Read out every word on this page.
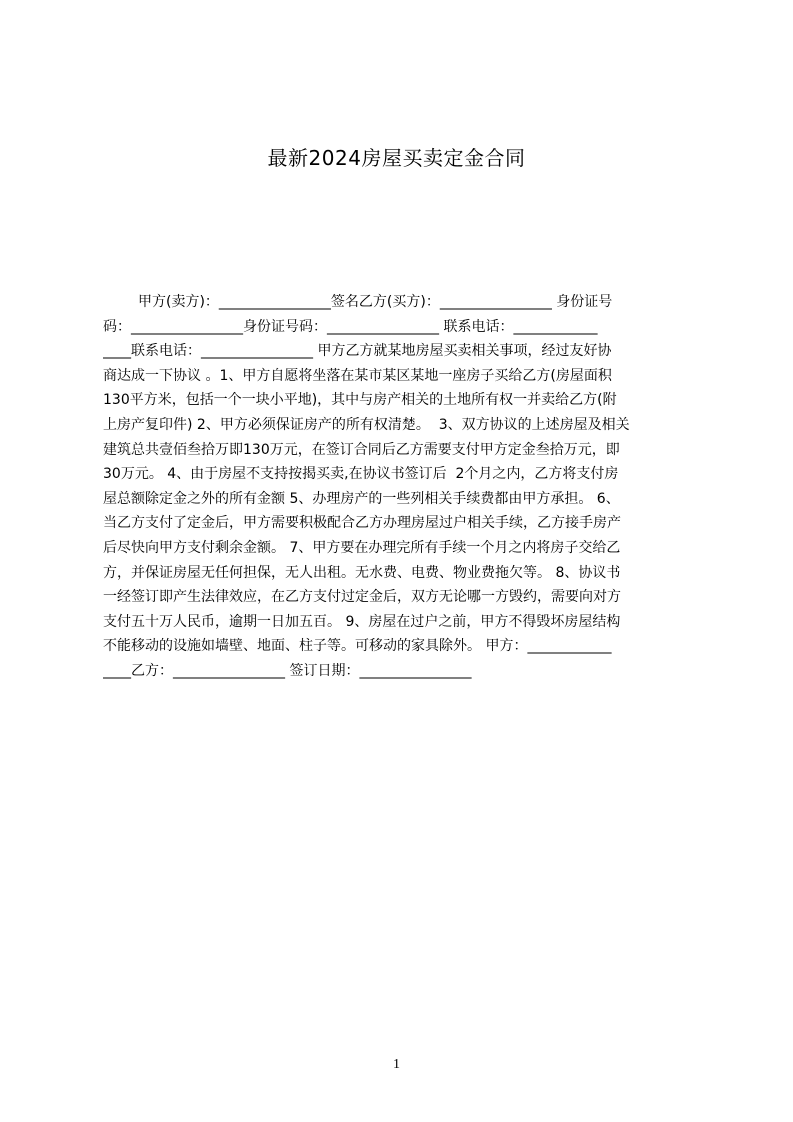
最新2024房屋买卖定金合同
甲方(卖方)：________________签名乙方(买方)：________________ 身份证号
码：________________身份证号码：________________ 联系电话：____________
____联系电话：________________ 甲方乙方就某地房屋买卖相关事项，经过友好协
商达成一下协议 。1、甲方自愿将坐落在某市某区某地一座房子买给乙方(房屋面积
130平方米，包括一个一块小平地)，其中与房产相关的土地所有权一并卖给乙方(附
上房产复印件) 2、甲方必须保证房产的所有权清楚。  3、双方协议的上述房屋及相关
建筑总共壹佰叁拾万即130万元，在签订合同后乙方需要支付甲方定金叁拾万元，即
30万元。 4、由于房屋不支持按揭买卖,在协议书签订后  2个月之内，乙方将支付房
屋总额除定金之外的所有金额 5、办理房产的一些列相关手续费都由甲方承担。 6、
当乙方支付了定金后，甲方需要积极配合乙方办理房屋过户相关手续，乙方接手房产
后尽快向甲方支付剩余金额。 7、甲方要在办理完所有手续一个月之内将房子交给乙
方，并保证房屋无任何担保，无人出租。无水费、电费、物业费拖欠等。 8、协议书
一经签订即产生法律效应，在乙方支付过定金后，双方无论哪一方毁约，需要向对方
支付五十万人民币，逾期一日加五百。 9、房屋在过户之前，甲方不得毁坏房屋结构
不能移动的设施如墙壁、地面、柱子等。可移动的家具除外。 甲方：____________
____乙方：________________ 签订日期：________________
1
